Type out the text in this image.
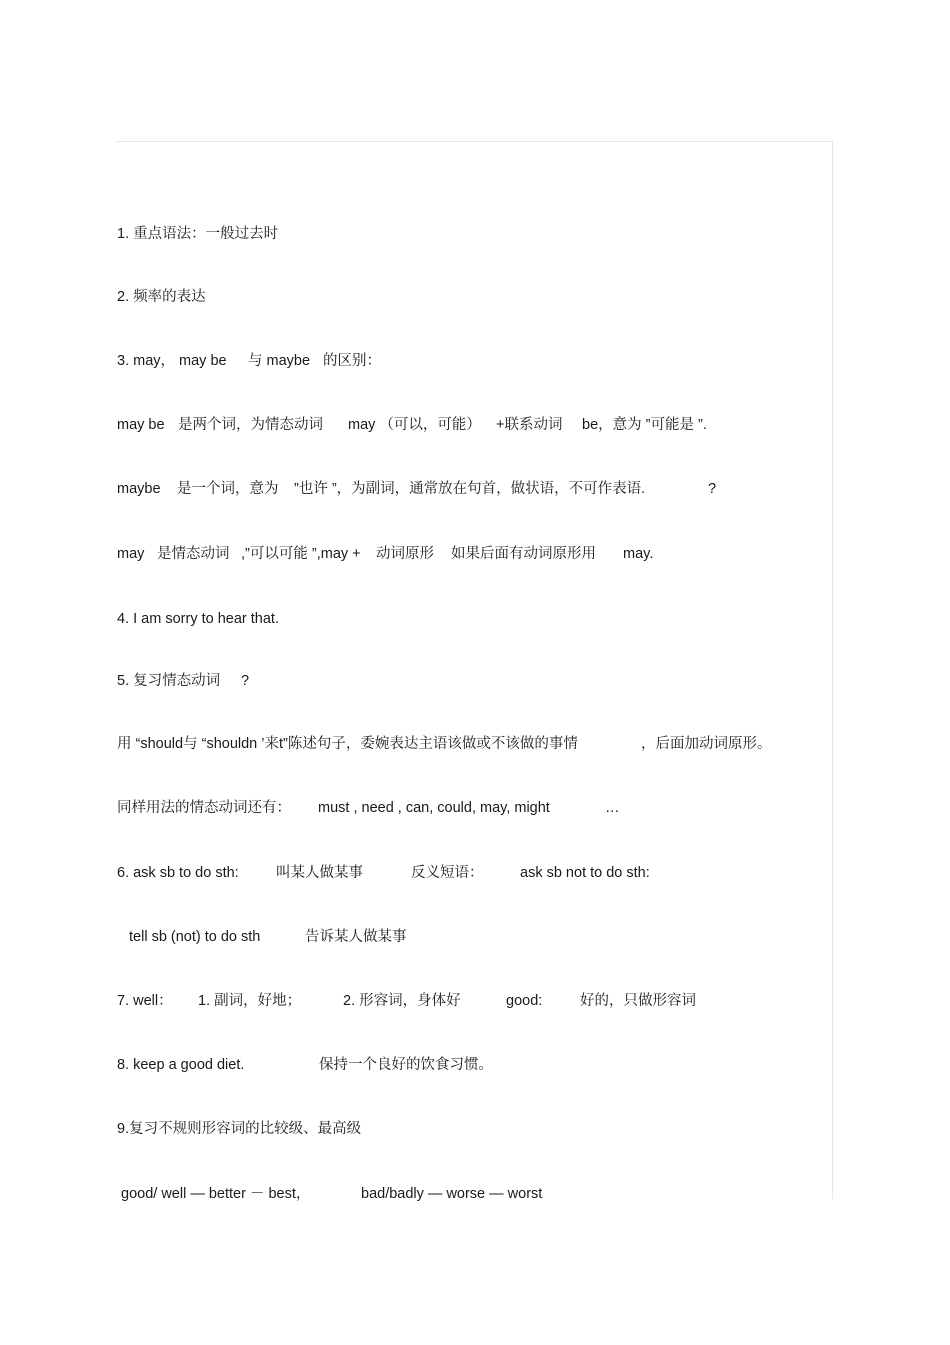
1. 重点语法：一般过去时
2. 频率的表达
3. may， may be 与 maybe 的区别：
may be 是两个词，为情态动词 may （可以，可能） +联系动词 be，意为 ”可能是 ”.
maybe 是一个词，意为 ”也许 ”，为副词，通常放在句首，做状语，不可作表语.	?
may 是情态动词 ,”可以可能 ”,may + 动词原形 如果后面有动词原形用 may.
4. I am sorry to hear that.
5. 复习情态动词 ?
用 “should与 “shouldn ’来t”陈述句子，委婉表达主语该做或不该做的事情	，后面加动词原形。
同样用法的情态动词还有： must , need , can, could, may, might	…
6. ask sb to do sth:	叫某人做某事	反义短语：	ask sb not to do sth:
tell sb (not) to do sth	告诉某人做某事
7. well： 1. 副词，好地；	2. 形容词，身体好	good:	好的，只做形容词
8. keep a good diet.	保持一个良好的饮食习惯。
9.复习不规则形容词的比较级、最高级
good/ well — better － best，	bad/badly — worse — worst
